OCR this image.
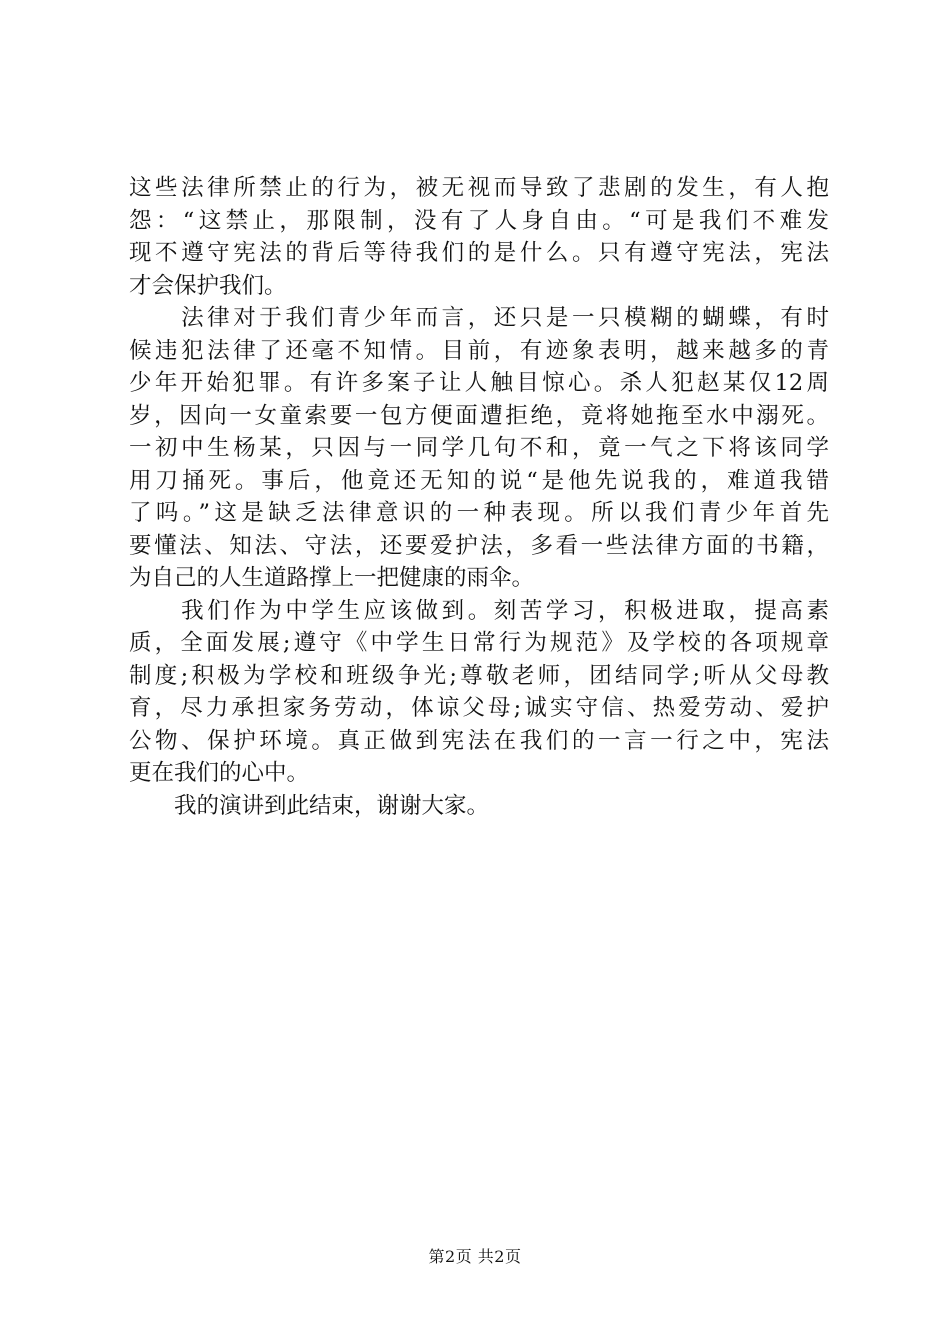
这些法律所禁止的行为，被无视而导致了悲剧的发生，有人抱
怨：“这禁止，那限制，没有了人身自由。“可是我们不难发
现不遵守宪法的背后等待我们的是什么。只有遵守宪法，宪法
才会保护我们。
　　法律对于我们青少年而言，还只是一只模糊的蝴蝶，有时
候违犯法律了还毫不知情。目前，有迹象表明，越来越多的青
少年开始犯罪。有许多案子让人触目惊心。杀人犯赵某仅12周
岁，因向一女童索要一包方便面遭拒绝，竟将她拖至水中溺死。
一初中生杨某，只因与一同学几句不和，竟一气之下将该同学
用刀捅死。事后，他竟还无知的说“是他先说我的，难道我错
了吗。”这是缺乏法律意识的一种表现。所以我们青少年首先
要懂法、知法、守法，还要爱护法，多看一些法律方面的书籍，
为自己的人生道路撑上一把健康的雨伞。
　　我们作为中学生应该做到。刻苦学习，积极进取，提高素
质，全面发展;遵守《中学生日常行为规范》及学校的各项规章
制度;积极为学校和班级争光;尊敬老师，团结同学;听从父母教
育，尽力承担家务劳动，体谅父母;诚实守信、热爱劳动、爱护
公物、保护环境。真正做到宪法在我们的一言一行之中，宪法
更在我们的心中。
　　我的演讲到此结束，谢谢大家。
第2页 共2页
